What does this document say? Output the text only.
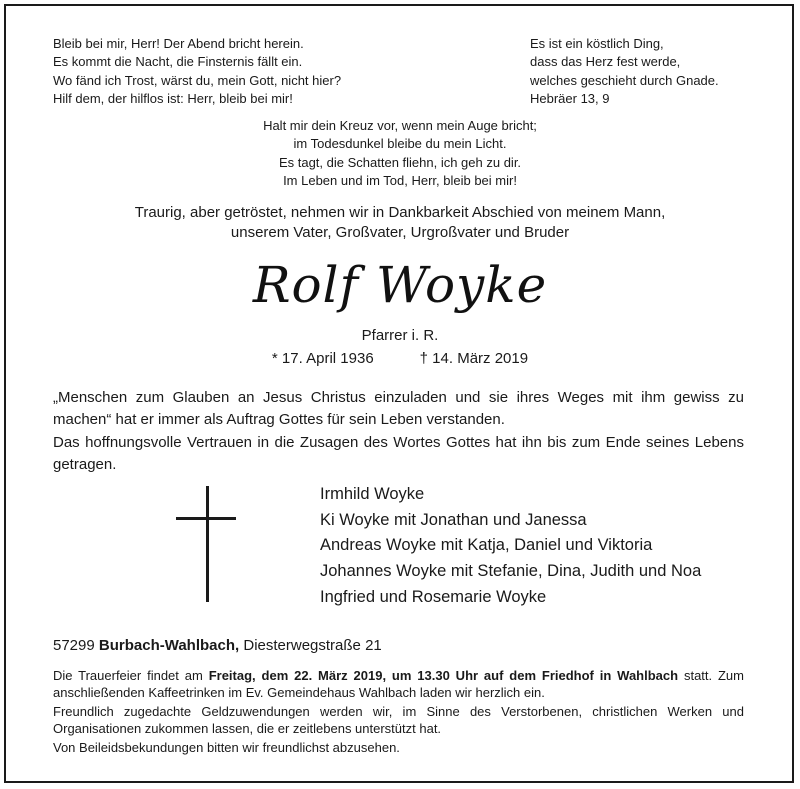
Bleib bei mir, Herr! Der Abend bricht herein.
Es kommt die Nacht, die Finsternis fällt ein.
Wo fänd ich Trost, wärst du, mein Gott, nicht hier?
Hilf dem, der hilflos ist: Herr, bleib bei mir!
Es ist ein köstlich Ding,
dass das Herz fest werde,
welches geschieht durch Gnade.
Hebräer 13, 9
Halt mir dein Kreuz vor, wenn mein Auge bricht;
im Todesdunkel bleibe du mein Licht.
Es tagt, die Schatten fliehn, ich geh zu dir.
Im Leben und im Tod, Herr, bleib bei mir!
Traurig, aber getröstet, nehmen wir in Dankbarkeit Abschied von meinem Mann,
unserem Vater, Großvater, Urgroßvater und Bruder
Rolf Woyke
Pfarrer i. R.
* 17. April 1936	† 14. März 2019

„Menschen zum Glauben an Jesus Christus einzuladen und sie ihres Weges mit ihm gewiss zu machen“ hat er immer als Auftrag Gottes für sein Leben verstanden.

Das hoffnungsvolle Vertrauen in die Zusagen des Wortes Gottes hat ihn bis zum Ende seines Lebens getragen.

Irmhild Woyke
Ki Woyke mit Jonathan und Janessa
Andreas Woyke mit Katja, Daniel und Viktoria
Johannes Woyke mit Stefanie, Dina, Judith und Noa
Ingfried und Rosemarie Woyke
57299 Burbach-Wahlbach, Diesterwegstraße 21

Die Trauerfeier findet am Freitag, dem 22. März 2019, um 13.30 Uhr auf dem Friedhof in Wahlbach statt. Zum anschließenden Kaffeetrinken im Ev. Gemeindehaus Wahlbach laden wir herzlich ein.

Freundlich zugedachte Geldzuwendungen werden wir, im Sinne des Verstorbenen, christlichen Werken und Organisationen zukommen lassen, die er zeitlebens unterstützt hat.

Von Beileidsbekundungen bitten wir freundlichst abzusehen.
